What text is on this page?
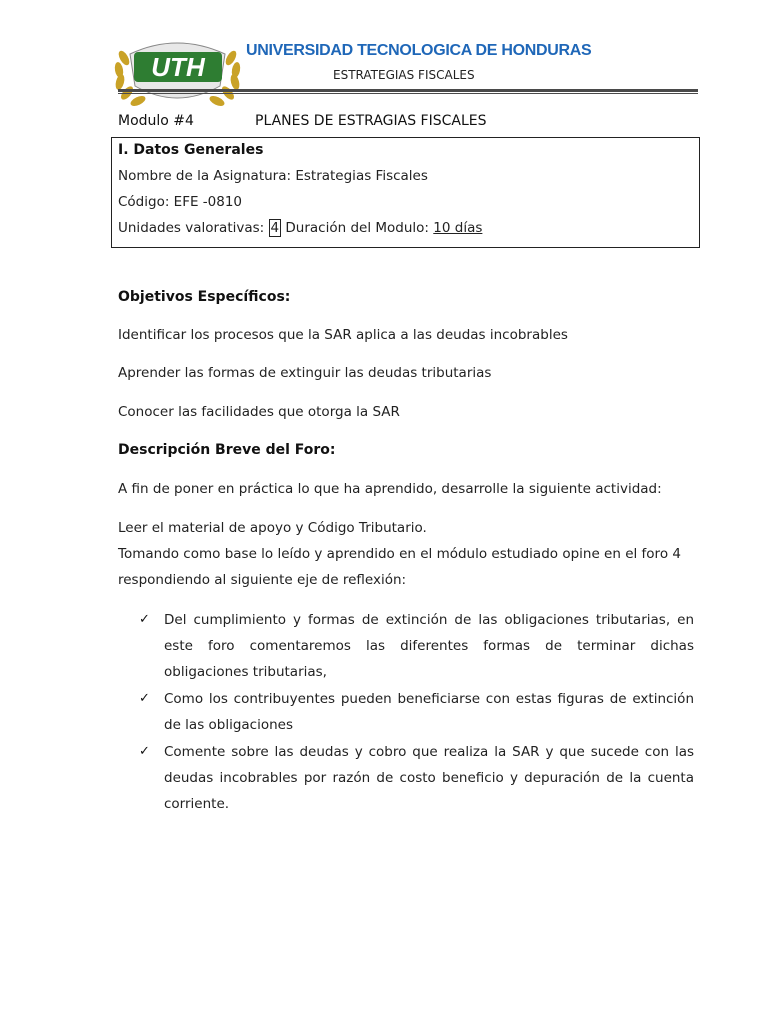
UTH
UNIVERSIDAD TECNOLOGICA DE HONDURAS
ESTRATEGIAS FISCALES
Modulo #4	PLANES DE ESTRAGIAS FISCALES
I. Datos Generales
Nombre de la Asignatura: Estrategias Fiscales
Código: EFE -0810
Unidades valorativas: 4 Duración del Modulo: 10 días
Objetivos Específicos:
Identificar los procesos que la SAR aplica a las deudas incobrables
Aprender las formas de extinguir las deudas tributarias
Conocer las facilidades que otorga la SAR
Descripción Breve del Foro:
A fin de poner en práctica lo que ha aprendido, desarrolle la siguiente actividad:
Leer el material de apoyo y Código Tributario.
Tomando como base lo leído y aprendido en el módulo estudiado opine en el foro 4
respondiendo al siguiente eje de reflexión:
✓ Del cumplimiento y formas de extinción de las obligaciones tributarias, en
este foro comentaremos las diferentes formas de terminar dichas
obligaciones tributarias,
✓ Como los contribuyentes pueden beneficiarse con estas figuras de extinción
de las obligaciones
✓ Comente sobre las deudas y cobro que realiza la SAR y que sucede con las
deudas incobrables por razón de costo beneficio y depuración de la cuenta
corriente.
